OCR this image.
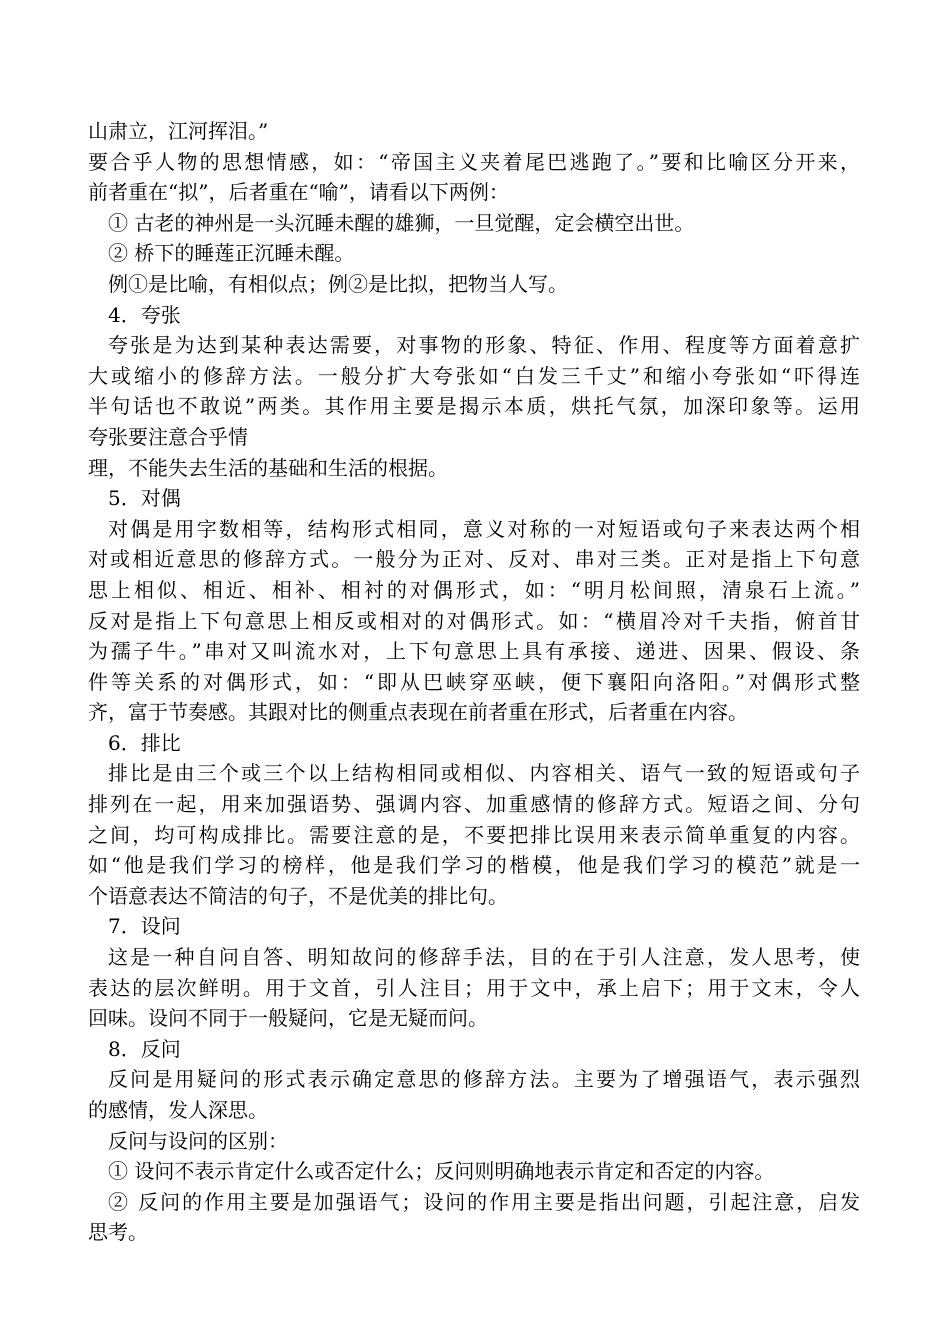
山肃立，江河挥泪。”
要合乎人物的思想情感，如：“帝国主义夹着尾巴逃跑了。”要和比喻区分开来，
前者重在“拟”，后者重在“喻”，请看以下两例：
① 古老的神州是一头沉睡未醒的雄狮，一旦觉醒，定会横空出世。
② 桥下的睡莲正沉睡未醒。
例①是比喻，有相似点；例②是比拟，把物当人写。
4．夸张
夸张是为达到某种表达需要，对事物的形象、特征、作用、程度等方面着意扩
大或缩小的修辞方法。一般分扩大夸张如“白发三千丈”和缩小夸张如“吓得连
半句话也不敢说”两类。其作用主要是揭示本质，烘托气氛，加深印象等。运用
夸张要注意合乎情
理，不能失去生活的基础和生活的根据。
5．对偶
对偶是用字数相等，结构形式相同，意义对称的一对短语或句子来表达两个相
对或相近意思的修辞方式。一般分为正对、反对、串对三类。正对是指上下句意
思上相似、相近、相补、相衬的对偶形式，如：“明月松间照，清泉石上流。”
反对是指上下句意思上相反或相对的对偶形式。如：“横眉冷对千夫指，俯首甘
为孺子牛。”串对又叫流水对，上下句意思上具有承接、递进、因果、假设、条
件等关系的对偶形式，如：“即从巴峡穿巫峡，便下襄阳向洛阳。”对偶形式整
齐，富于节奏感。其跟对比的侧重点表现在前者重在形式，后者重在内容。
6．排比
排比是由三个或三个以上结构相同或相似、内容相关、语气一致的短语或句子
排列在一起，用来加强语势、强调内容、加重感情的修辞方式。短语之间、分句
之间，均可构成排比。需要注意的是，不要把排比误用来表示简单重复的内容。
如“他是我们学习的榜样，他是我们学习的楷模，他是我们学习的模范”就是一
个语意表达不简洁的句子，不是优美的排比句。
7．设问
这是一种自问自答、明知故问的修辞手法，目的在于引人注意，发人思考，使
表达的层次鲜明。用于文首，引人注目；用于文中，承上启下；用于文末，令人
回味。设问不同于一般疑问，它是无疑而问。
8．反问
反问是用疑问的形式表示确定意思的修辞方法。主要为了增强语气，表示强烈
的感情，发人深思。
反问与设问的区别：
① 设问不表示肯定什么或否定什么；反问则明确地表示肯定和否定的内容。
② 反问的作用主要是加强语气；设问的作用主要是指出问题，引起注意，启发
思考。
